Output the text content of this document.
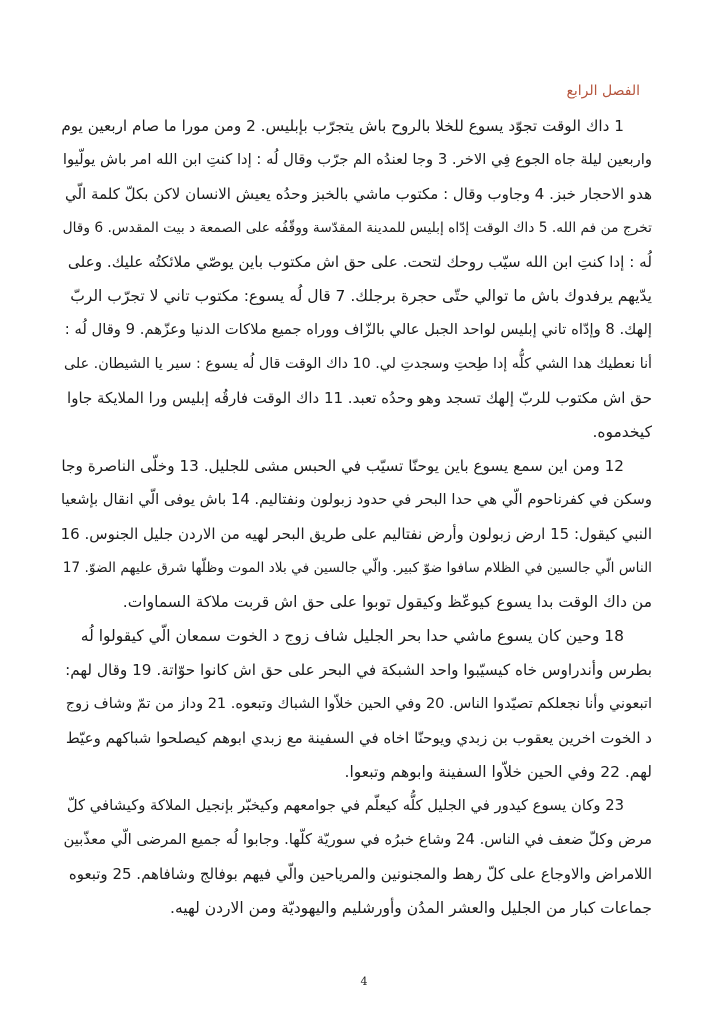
الفصل الرابع
1 داك الوقت تجوّد يسوع للخلا بالروح باش يتجرّب بإبليس. 2 ومن مورا ما صام اربعين يوم
واربعين ليلة جاه الجوع فِي الاخر. 3 وجا لعندُه الم جرّب وقال لُه : إدا كنتِ ابن الله امر باش يولّيوا
هدو الاحجار خبز. 4 وجاوب وقال : مكتوب ماشي بالخبز وحدُه يعيش الانسان لاكن بكلّ كلمة الّي
تخرج من فم الله. 5 داك الوقت إدّاه إبليس للمدينة المقدّسة ووقّفُه على الصمعة د بيت المقدس. 6 وقال
لُه : إدا كنتِ ابن الله سيّب روحك لتحت. على حق اش مكتوب باين يوصّي ملائكتُه عليك. وعلى
يدّيهم يرفدوك باش ما توالي حتّى حجرة برجلك. 7 قال لُه يسوع: مكتوب تاني لا تجرّب الربّ
إلهك. 8 وإدّاه تاني إبليس لواحد الجبل عالي بالزّاف ووراه جميع ملاكات الدنيا وعزّهم. 9 وقال لُه :
أنا نعطيك هدا الشي كلُّه إدا طِحتِ وسجدتِ لي. 10 داك الوقت قال لُه يسوع : سير يا الشيطان. على
حق اش مكتوب للربّ إلهك تسجد وهو وحدُه تعبد. 11 داك الوقت فارقُه إبليس ورا الملايكة جاوا
كيخدموه.
12 ومن اين سمع يسوع باين يوحنّا تسيّب في الحبس مشى للجليل. 13 وخلّى الناصرة وجا
وسكن في كفرناحوم الّي هي حدا البحر في حدود زبولون ونفتاليم. 14 باش يوفى الّي انقال بإشعيا
النبي كيقول: 15 ارض زبولون وأرض نفتاليم على طريق البحر لهيه من الاردن جليل الجنوس. 16
الناس الّي جالسين في الظلام سافوا ضوّ كبير. والّي جالسين في بلاد الموت وظلّها شرق عليهم الضوّ. 17
من داك الوقت بدا يسوع كيوعّظ وكيقول توبوا على حق اش قربت ملاكة السماوات.
18 وحين كان يسوع ماشي حدا بحر الجليل شاف زوج د الخوت سمعان الّي كيقولوا لُه
بطرس وأندراوس خاه كيسيّبوا واحد الشبكة في البحر على حق اش كانوا حوّاتة. 19 وقال لهم:
اتبعوني وأنا نجعلكم تصيّدوا الناس. 20 وفي الحين خلاّوا الشباك وتبعوه. 21 وداز من تمّ وشاف زوج
د الخوت اخرين يعقوب بن زبدي ويوحنّا اخاه في السفينة مع زبدي ابوهم كيصلحوا شباكهم وعيّط
لهم. 22 وفي الحين خلاّوا السفينة وابوهم وتبعوا.
23 وكان يسوع كيدور في الجليل كلُّه كيعلّم في جوامعهم وكيخبّر بإنجيل الملاكة وكيشافي كلّ
مرض وكلّ ضعف في الناس. 24 وشاع خبرُه في سوريّة كلّها. وجابوا لُه جميع المرضى الّي معذّبين
اللامراض والاوجاع على كلّ رهط والمجنونين والمرياحين والّي فيهم بوفالج وشافاهم. 25 وتبعوه
جماعات كبار من الجليل والعشر المدُن وأورشليم واليهوديّة ومن الاردن لهيه.
4
